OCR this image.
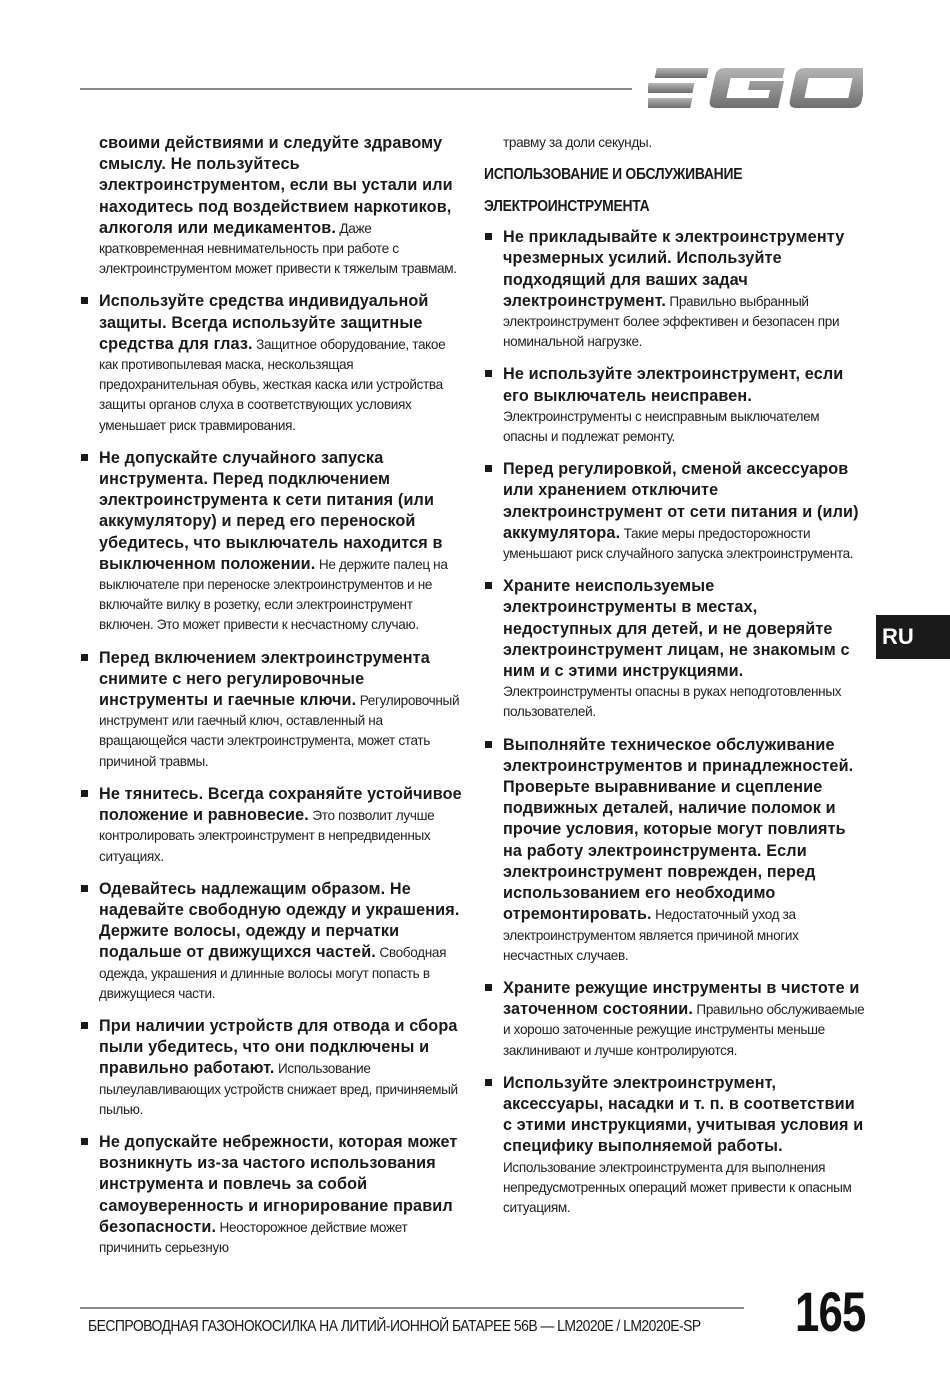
своими действиями и следуйте здравому смыслу. Не пользуйтесь электроинструментом, если вы устали или находитесь под воздействием наркотиков, алкоголя или медикаментов. Даже кратковременная невнимательность при работе с электроинструментом может привести к тяжелым травмам.
Используйте средства индивидуальной защиты. Всегда используйте защитные средства для глаз. Защитное оборудование, такое как противопылевая маска, нескользящая предохранительная обувь, жесткая каска или устройства защиты органов слуха в соответствующих условиях уменьшает риск травмирования.
Не допускайте случайного запуска инструмента. Перед подключением электроинструмента к сети питания (или аккумулятору) и перед его переноской убедитесь, что выключатель находится в выключенном положении. Не держите палец на выключателе при переноске электроинструментов и не включайте вилку в розетку, если электроинструмент включен. Это может привести к несчастному случаю.
Перед включением электроинструмента снимите с него регулировочные инструменты и гаечные ключи. Регулировочный инструмент или гаечный ключ, оставленный на вращающейся части электроинструмента, может стать причиной травмы.
Не тянитесь. Всегда сохраняйте устойчивое положение и равновесие. Это позволит лучше контролировать электроинструмент в непредвиденных ситуациях.
Одевайтесь надлежащим образом. Не надевайте свободную одежду и украшения. Держите волосы, одежду и перчатки подальше от движущихся частей. Свободная одежда, украшения и длинные волосы могут попасть в движущиеся части.
При наличии устройств для отвода и сбора пыли убедитесь, что они подключены и правильно работают. Использование пылеулавливающих устройств снижает вред, причиняемый пылью.
Не допускайте небрежности, которая может возникнуть из-за частого использования инструмента и повлечь за собой самоуверенность и игнорирование правил безопасности. Неосторожное действие может причинить серьезную
травму за доли секунды.
ИСПОЛЬЗОВАНИЕ И ОБСЛУЖИВАНИЕ
ЭЛЕКТРОИНСТРУМЕНТА
Не прикладывайте к электроинструменту чрезмерных усилий. Используйте подходящий для ваших задач электроинструмент. Правильно выбранный электроинструмент более эффективен и безопасен при номинальной нагрузке.
Не используйте электроинструмент, если его выключатель неисправен. Электроинструменты с неисправным выключателем опасны и подлежат ремонту.
Перед регулировкой, сменой аксессуаров или хранением отключите электроинструмент от сети питания и (или) аккумулятора. Такие меры предосторожности уменьшают риск случайного запуска электроинструмента.
Храните неиспользуемые электроинструменты в местах, недоступных для детей, и не доверяйте электроинструмент лицам, не знакомым с ним и с этими инструкциями. Электроинструменты опасны в руках неподготовленных пользователей.
Выполняйте техническое обслуживание электроинструментов и принадлежностей. Проверьте выравнивание и сцепление подвижных деталей, наличие поломок и прочие условия, которые могут повлиять на работу электроинструмента. Если электроинструмент поврежден, перед использованием его необходимо отремонтировать. Недостаточный уход за электроинструментом является причиной многих несчастных случаев.
Храните режущие инструменты в чистоте и заточенном состоянии. Правильно обслуживаемые и хорошо заточенные режущие инструменты меньше заклинивают и лучше контролируются.
Используйте электроинструмент, аксессуары, насадки и т. п. в соответствии с этими инструкциями, учитывая условия и специфику выполняемой работы. Использование электроинструмента для выполнения непредусмотренных операций может привести к опасным ситуациям.
RU
БЕСПРОВОДНАЯ ГАЗОНОКОСИЛКА НА ЛИТИЙ-ИОННОЙ БАТАРЕЕ 56В — LM2020E / LM2020E-SP 165
